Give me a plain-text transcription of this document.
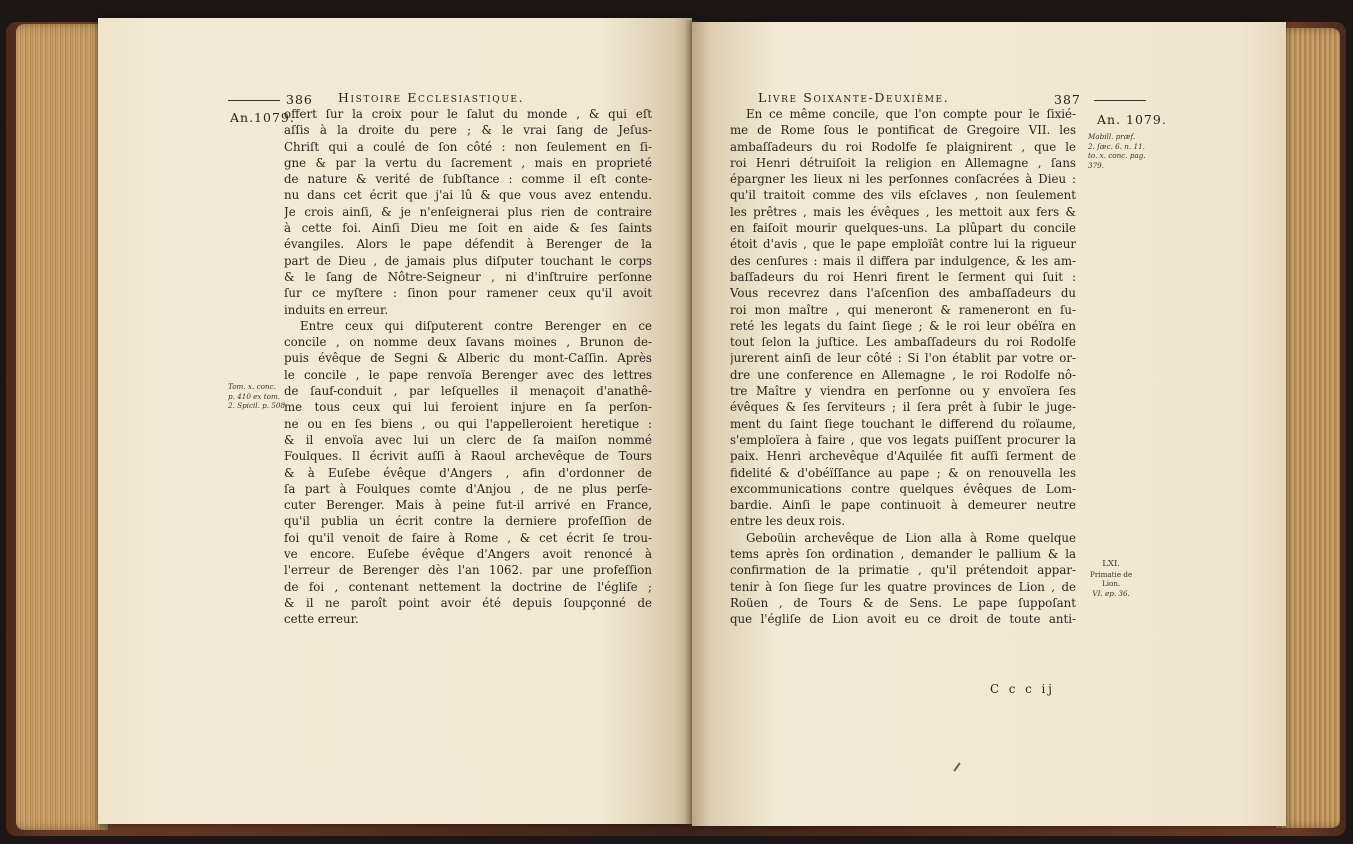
386 Histoire Ecclesiastique.
An.1079.
offert ſur la croix pour le ſalut du monde , & qui eſt
aſſis à la droite du pere ; & le vrai ſang de Jeſus-
Chriſt qui a coulé de ſon côté : non ſeulement en ſi-
gne & par la vertu du ſacrement , mais en proprieté
de nature & verité de ſubſtance : comme il eſt conte-
nu dans cet écrit que j'ai lû & que vous avez entendu.
Je crois ainſi, & je n'enſeignerai plus rien de contraire
à cette foi. Ainſi Dieu me ſoit en aide & ſes ſaints
évangiles. Alors le pape défendit à Berenger de la
part de Dieu , de jamais plus diſputer touchant le corps
& le ſang de Nôtre-Seigneur , ni d'inſtruire perſonne
ſur ce myſtere : ſinon pour ramener ceux qu'il avoit
induits en erreur.
Entre ceux qui diſputerent contre Berenger en ce
concile , on nomme deux ſavans moines , Brunon de-
puis évêque de Segni & Alberic du mont-Caſſin. Après
le concile , le pape renvoïa Berenger avec des lettres
de ſauf-conduit , par leſquelles il menaçoit d'anathê-
me tous ceux qui lui feroient injure en ſa perſon-
ne ou en ſes biens , ou qui l'appelleroient heretique :
& il envoïa avec lui un clerc de ſa maiſon nommé
Foulques. Il écrivit auſſi à Raoul archevêque de Tours
& à Euſebe évêque d'Angers , afin d'ordonner de
ſa part à Foulques comte d'Anjou , de ne plus perſe-
cuter Berenger. Mais à peine fut-il arrivé en France,
qu'il publia un écrit contre la derniere profeſſion de
foi qu'il venoit de faire à Rome , & cet écrit ſe trou-
ve encore. Euſebe évêque d'Angers avoit renoncé à
l'erreur de Berenger dès l'an 1062. par une profeſſion
de foi , contenant nettement la doctrine de l'égliſe ;
& il ne paroît point avoir été depuis ſoupçonné de
cette erreur.
Tom. x. conc.
p. 410 ex tom.
2. Spicil. p. 508.
Livre Soixante-Deuxième.	387
An. 1079.
En ce même concile, que l'on compte pour le ſixié-
me de Rome ſous le pontificat de Gregoire VII. les
ambaſſadeurs du roi Rodolfe ſe plaignirent , que le
roi Henri détruiſoit la religion en Allemagne , ſans
épargner les lieux ni les perſonnes conſacrées à Dieu :
qu'il traitoit comme des vils eſclaves , non ſeulement
les prêtres , mais les évêques , les mettoit aux fers &
en faiſoit mourir quelques-uns. La plûpart du concile
étoit d'avis , que le pape emploïât contre lui la rigueur
des cenſures : mais il differa par indulgence, & les am-
baſſadeurs du roi Henri firent le ſerment qui ſuit :
Vous recevrez dans l'aſcenſion des ambaſſadeurs du
roi mon maître , qui meneront & rameneront en ſu-
reté les legats du ſaint ſiege ; & le roi leur obéïra en
tout ſelon la juſtice. Les ambaſſadeurs du roi Rodolfe
jurerent ainſi de leur côté : Si l'on établit par votre or-
dre une conference en Allemagne , le roi Rodolfe nô-
tre Maître y viendra en perſonne ou y envoïera ſes
évêques & ſes ſerviteurs ; il ſera prêt à ſubir le juge-
ment du ſaint ſiege touchant le differend du roïaume,
s'emploïera à faire , que vos legats puiſſent procurer la
paix. Henri archevêque d'Aquilée fit auſſi ſerment de
fidelité & d'obéïſſance au pape ; & on renouvella les
excommunications contre quelques évêques de Lom-
bardie. Ainſi le pape continuoit à demeurer neutre
entre les deux rois.
Geboüin archevêque de Lion alla à Rome quelque
tems après ſon ordination , demander le pallium & la
confirmation de la primatie , qu'il prétendoit appar-
tenir à ſon ſiege ſur les quatre provinces de Lion , de
Roüen , de Tours & de Sens. Le pape ſuppoſant
que l'égliſe de Lion avoit eu ce droit de toute anti-
C c c ij
Mabill. præf.
2. ſæc. 6. n. 11.
to. x. conc. pag.
379.
LXI.
Primatie de
Lion.
VI. ep. 36.
